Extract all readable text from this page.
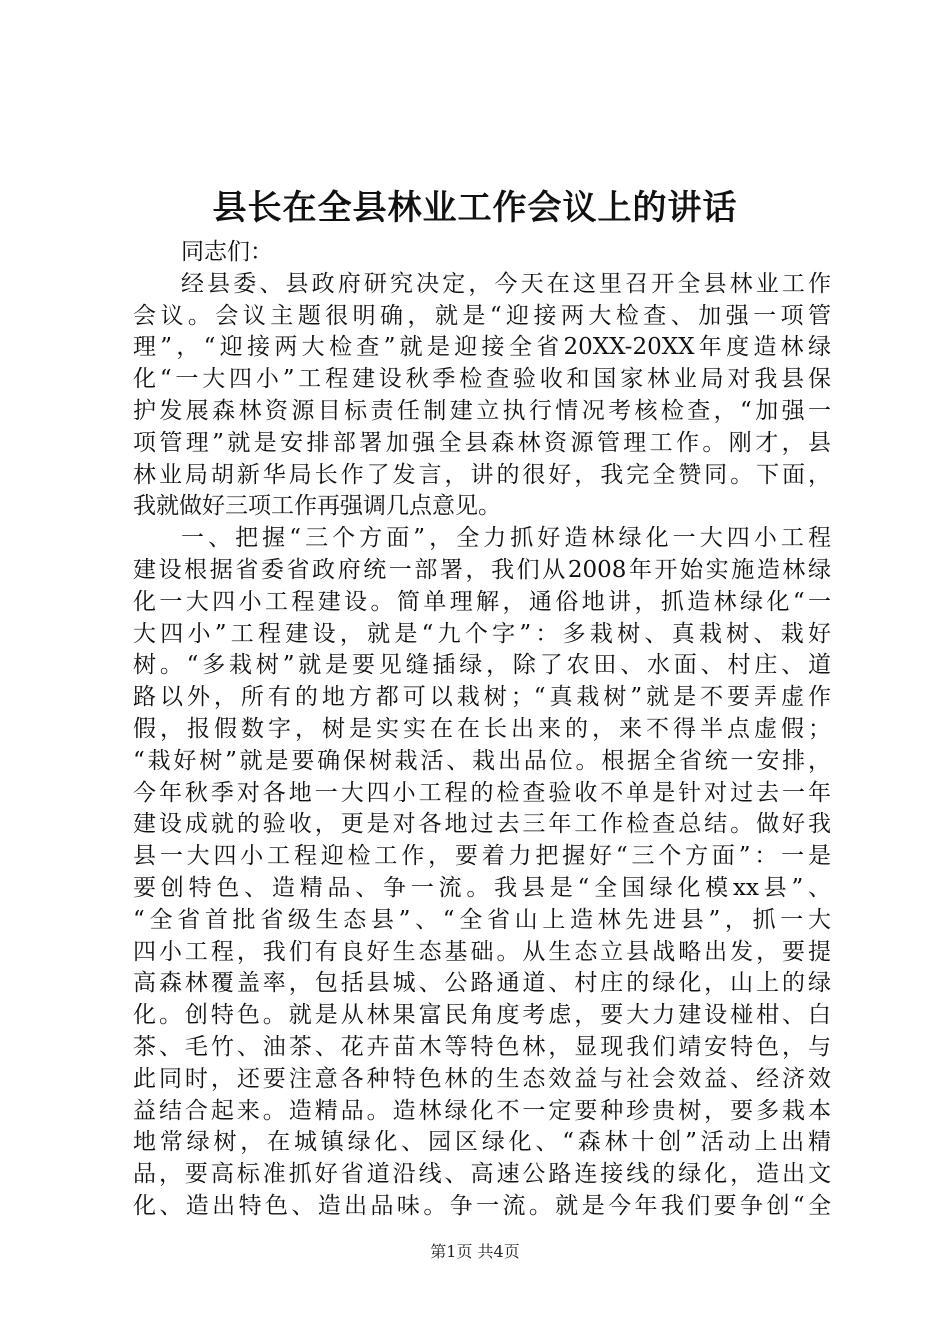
县长在全县林业工作会议上的讲话
同志们：
经县委、县政府研究决定，今天在这里召开全县林业工作
会议。会议主题很明确，就是“迎接两大检查、加强一项管
理”，“迎接两大检查”就是迎接全省20XX-20XX年度造林绿
化“一大四小”工程建设秋季检查验收和国家林业局对我县保
护发展森林资源目标责任制建立执行情况考核检查，“加强一
项管理”就是安排部署加强全县森林资源管理工作。刚才，县
林业局胡新华局长作了发言，讲的很好，我完全赞同。下面，
我就做好三项工作再强调几点意见。
一、把握“三个方面”，全力抓好造林绿化一大四小工程
建设根据省委省政府统一部署，我们从2008年开始实施造林绿
化一大四小工程建设。简单理解，通俗地讲，抓造林绿化“一
大四小”工程建设，就是“九个字”：多栽树、真栽树、栽好
树。“多栽树”就是要见缝插绿，除了农田、水面、村庄、道
路以外，所有的地方都可以栽树；“真栽树”就是不要弄虚作
假，报假数字，树是实实在在长出来的，来不得半点虚假；
“栽好树”就是要确保树栽活、栽出品位。根据全省统一安排，
今年秋季对各地一大四小工程的检查验收不单是针对过去一年
建设成就的验收，更是对各地过去三年工作检查总结。做好我
县一大四小工程迎检工作，要着力把握好“三个方面”：一是
要创特色、造精品、争一流。我县是“全国绿化模xx县”、
“全省首批省级生态县”、“全省山上造林先进县”，抓一大
四小工程，我们有良好生态基础。从生态立县战略出发，要提
高森林覆盖率，包括县城、公路通道、村庄的绿化，山上的绿
化。创特色。就是从林果富民角度考虑，要大力建设椪柑、白
茶、毛竹、油茶、花卉苗木等特色林，显现我们靖安特色，与
此同时，还要注意各种特色林的生态效益与社会效益、经济效
益结合起来。造精品。造林绿化不一定要种珍贵树，要多栽本
地常绿树，在城镇绿化、园区绿化、“森林十创”活动上出精
品，要高标准抓好省道沿线、高速公路连接线的绿化，造出文
化、造出特色、造出品味。争一流。就是今年我们要争创“全
第1页 共4页
